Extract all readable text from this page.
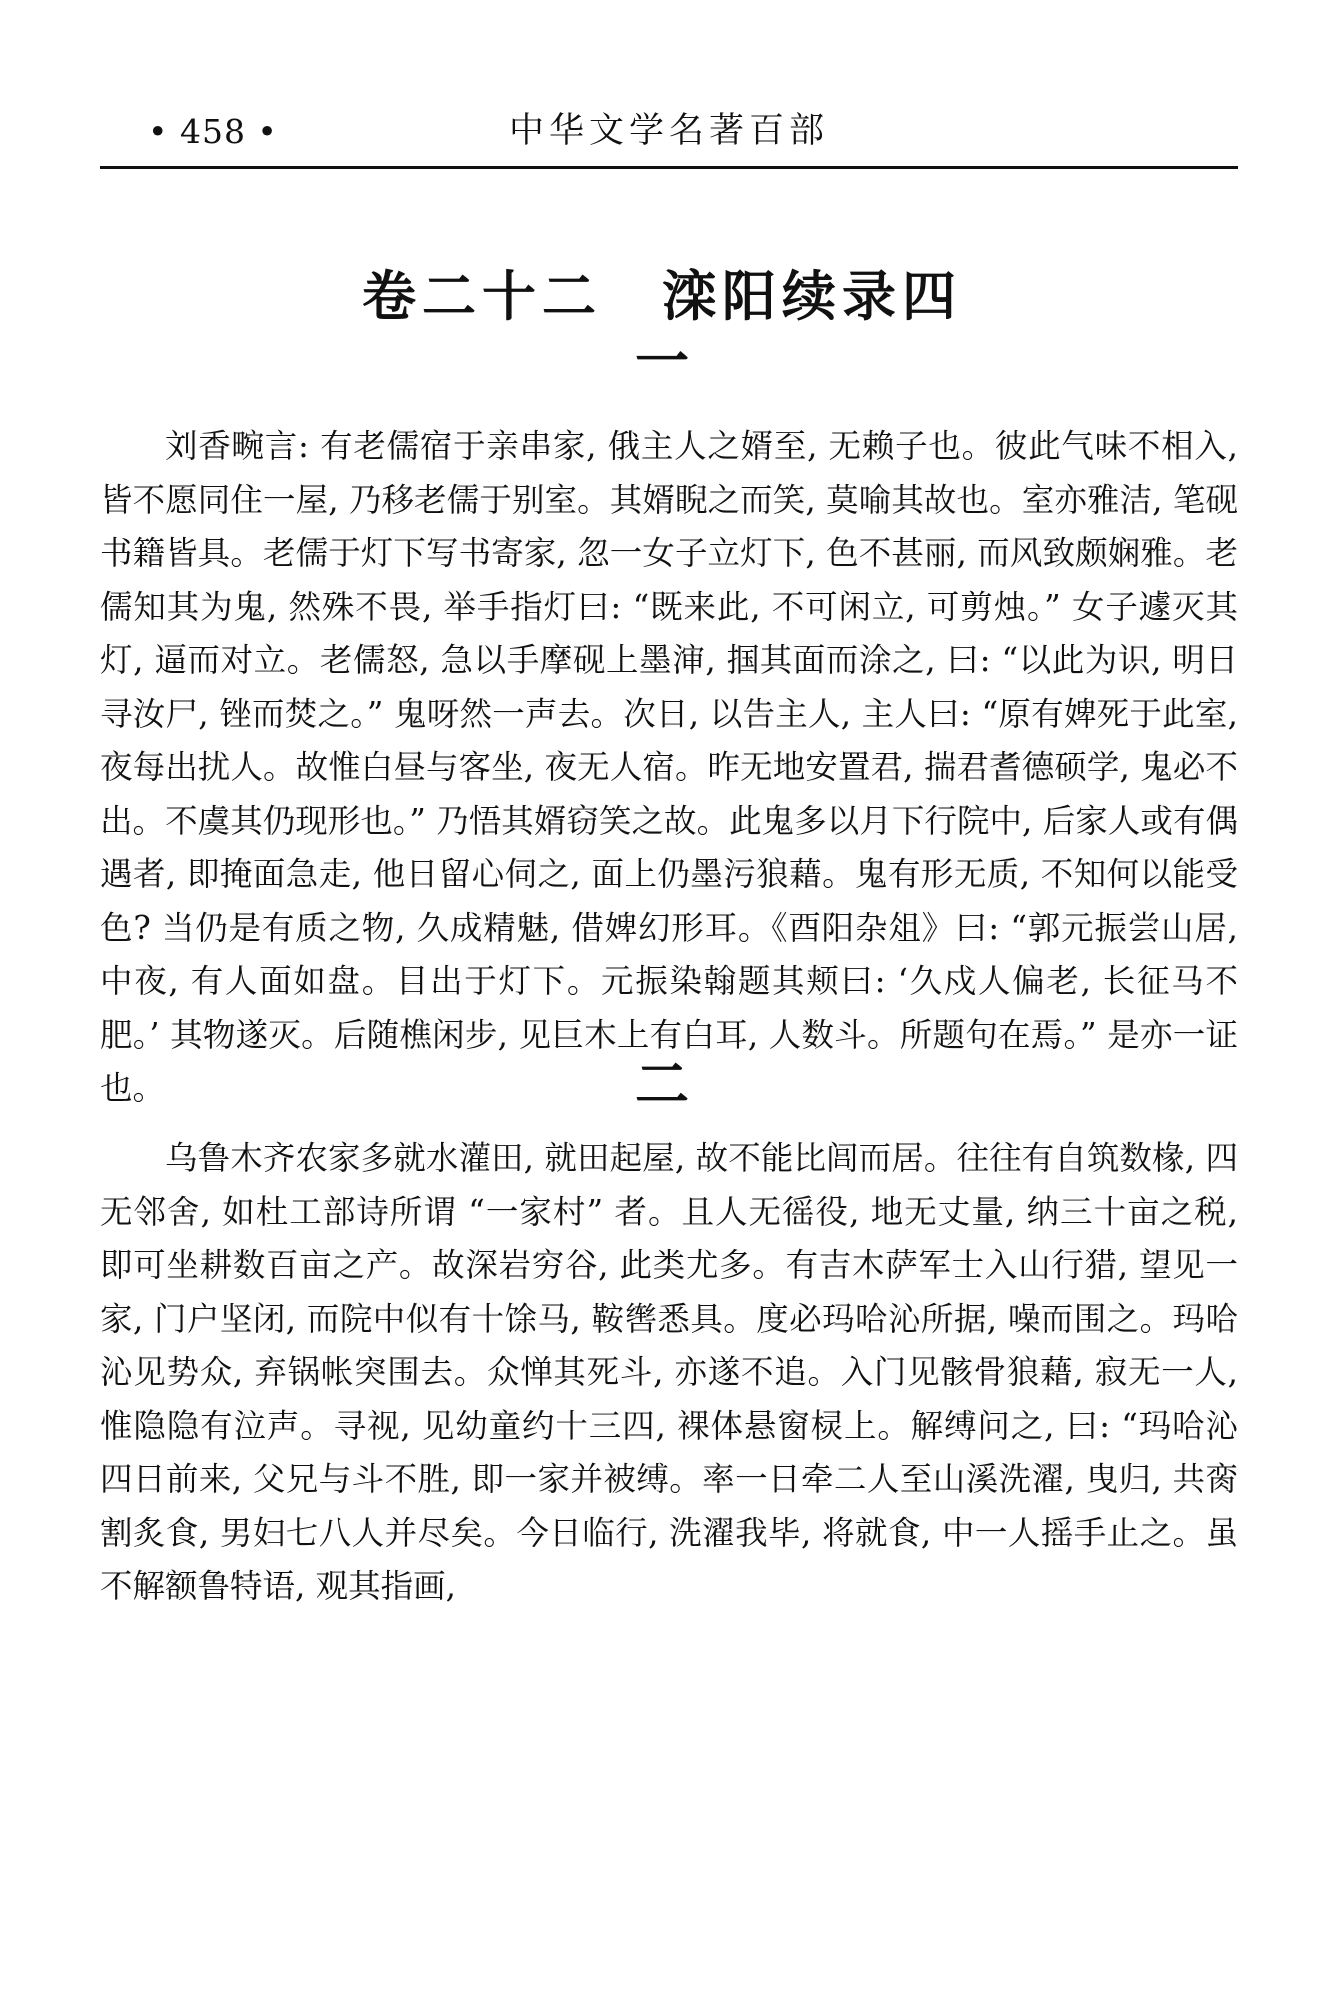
• 458 •	中华文学名著百部
卷二十二　滦阳续录四
一

刘香畹言: 有老儒宿于亲串家, 俄主人之婿至, 无赖子也。彼此气味不相入, 皆不愿同住一屋, 乃移老儒于别室。其婿睨之而笑, 莫喻其故也。室亦雅洁, 笔砚书籍皆具。老儒于灯下写书寄家, 忽一女子立灯下, 色不甚丽, 而风致颇娴雅。老儒知其为鬼, 然殊不畏, 举手指灯曰: “既来此, 不可闲立, 可剪烛。” 女子遽灭其灯, 逼而对立。老儒怒, 急以手摩砚上墨渖, 掴其面而涂之, 曰: “以此为识, 明日寻汝尸, 锉而焚之。” 鬼呀然一声去。次日, 以告主人, 主人曰: “原有婢死于此室, 夜每出扰人。故惟白昼与客坐, 夜无人宿。昨无地安置君, 揣君耆德硕学, 鬼必不出。不虞其仍现形也。” 乃悟其婿窃笑之故。此鬼多以月下行院中, 后家人或有偶遇者, 即掩面急走, 他日留心伺之, 面上仍墨污狼藉。鬼有形无质, 不知何以能受色? 当仍是有质之物, 久成精魅, 借婢幻形耳。《酉阳杂俎》曰: “郭元振尝山居, 中夜, 有人面如盘。目出于灯下。元振染翰题其颊曰: ‘久戍人偏老, 长征马不肥。’ 其物遂灭。后随樵闲步, 见巨木上有白耳, 人数斗。所题句在焉。” 是亦一证也。	二

乌鲁木齐农家多就水灌田, 就田起屋, 故不能比闾而居。往往有自筑数椽, 四无邻舍, 如杜工部诗所谓 “一家村” 者。且人无徭役, 地无丈量, 纳三十亩之税, 即可坐耕数百亩之产。故深岩穷谷, 此类尤多。有吉木萨军士入山行猎, 望见一家, 门户坚闭, 而院中似有十馀马, 鞍辔悉具。度必玛哈沁所据, 噪而围之。玛哈沁见势众, 弃锅帐突围去。众惮其死斗, 亦遂不追。入门见骸骨狼藉, 寂无一人, 惟隐隐有泣声。寻视, 见幼童约十三四, 裸体悬窗棂上。解缚问之, 曰: “玛哈沁四日前来, 父兄与斗不胜, 即一家并被缚。率一日牵二人至山溪洗濯, 曳归, 共脔割炙食, 男妇七八人并尽矣。今日临行, 洗濯我毕, 将就食, 中一人摇手止之。虽不解额鲁特语, 观其指画,
